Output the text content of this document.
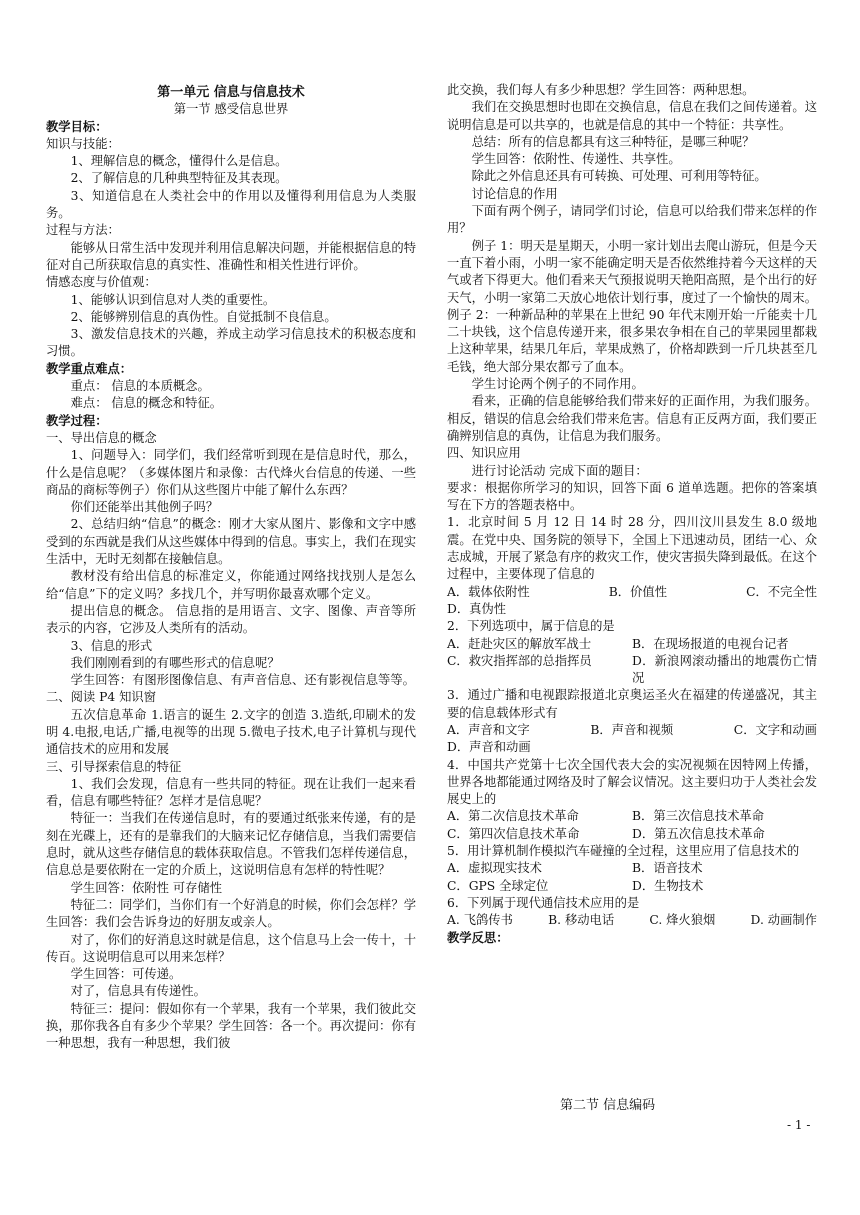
第一单元 信息与信息技术

第一节 感受信息世界

教学目标：

知识与技能：

1、理解信息的概念，懂得什么是信息。

2、了解信息的几种典型特征及其表现。

3、知道信息在人类社会中的作用以及懂得利用信息为人类服务。

过程与方法：

能够从日常生活中发现并利用信息解决问题，并能根据信息的特征对自己所获取信息的真实性、准确性和相关性进行评价。

情感态度与价值观：

1、能够认识到信息对人类的重要性。

2、能够辨别信息的真伪性。自觉抵制不良信息。

3、激发信息技术的兴趣，养成主动学习信息技术的积极态度和习惯。

教学重点难点：

重点： 信息的本质概念。

难点： 信息的概念和特征。

教学过程：

一、导出信息的概念

1、问题导入：同学们，我们经常听到现在是信息时代，那么，什么是信息呢？（多媒体图片和录像：古代烽火台信息的传递、一些商品的商标等例子）你们从这些图片中能了解什么东西？

你们还能举出其他例子吗？

2、总结归纳“信息”的概念：刚才大家从图片、影像和文字中感受到的东西就是我们从这些媒体中得到的信息。事实上，我们在现实生活中，无时无刻都在接触信息。

教材没有给出信息的标准定义，你能通过网络找找别人是怎么给“信息”下的定义吗？多找几个，并写明你最喜欢哪个定义。

提出信息的概念。 信息指的是用语言、文字、图像、声音等所表示的内容，它涉及人类所有的活动。

3、信息的形式

我们刚刚看到的有哪些形式的信息呢？

学生回答：有图形图像信息、有声音信息、还有影视信息等等。

二、阅读 P4 知识窗

五次信息革命 1.语言的诞生 2.文字的创造 3.造纸,印刷术的发明 4.电报,电话,广播,电视等的出现 5.微电子技术,电子计算机与现代通信技术的应用和发展

三、引导探索信息的特征

1、我们会发现，信息有一些共同的特征。现在让我们一起来看看，信息有哪些特征？怎样才是信息呢？

特征一：当我们在传递信息时，有的要通过纸张来传递，有的是刻在光碟上，还有的是靠我们的大脑来记忆存储信息，当我们需要信息时，就从这些存储信息的载体获取信息。不管我们怎样传递信息，信息总是要依附在一定的介质上，这说明信息有怎样的特性呢？

学生回答：依附性 可存储性

特征二：同学们，当你们有一个好消息的时候，你们会怎样？学生回答：我们会告诉身边的好朋友或亲人。

对了，你们的好消息这时就是信息，这个信息马上会一传十，十传百。这说明信息可以用来怎样？

学生回答：可传递。

对了，信息具有传递性。

特征三：提问：假如你有一个苹果，我有一个苹果，我们彼此交换，那你我各自有多少个苹果？学生回答：各一个。再次提问：你有一种思想，我有一种思想，我们彼

此交换，我们每人有多少种思想？学生回答：两种思想。

我们在交换思想时也即在交换信息，信息在我们之间传递着。这说明信息是可以共享的，也就是信息的其中一个特征：共享性。

总结：所有的信息都具有这三种特征，是哪三种呢？

学生回答：依附性、传递性、共享性。

除此之外信息还具有可转换、可处理、可利用等特征。

讨论信息的作用

下面有两个例子，请同学们讨论，信息可以给我们带来怎样的作用？

例子 1：明天是星期天，小明一家计划出去爬山游玩，但是今天一直下着小雨，小明一家不能确定明天是否依然维持着今天这样的天气或者下得更大。他们看来天气预报说明天艳阳高照，是个出行的好天气，小明一家第二天放心地依计划行事，度过了一个愉快的周末。例子 2：一种新品种的苹果在上世纪 90 年代末刚开始一斤能卖十几二十块钱，这个信息传递开来，很多果农争相在自己的苹果园里都栽上这种苹果，结果几年后，苹果成熟了，价格却跌到一斤几块甚至几毛钱，绝大部分果农都亏了血本。

学生讨论两个例子的不同作用。

看来，正确的信息能够给我们带来好的正面作用，为我们服务。相反，错误的信息会给我们带来危害。信息有正反两方面，我们要正确辨别信息的真伪，让信息为我们服务。

四、知识应用

进行讨论活动 完成下面的题目：

要求：根据你所学习的知识，回答下面 6 道单选题。把你的答案填写在下方的答题表格中。

1．北京时间 5 月 12 日 14 时 28 分，四川汶川县发生 8.0 级地震。在党中央、国务院的领导下，全国上下迅速动员，团结一心、众志成城，开展了紧急有序的救灾工作，使灾害损失降到最低。在这个过程中，主要体现了信息的

A．载体依附性	B．价值性	C．不完全性

D．真伪性

2．下列选项中，属于信息的是

A．赶赴灾区的解放军战士	B．在现场报道的电视台记者
C．救灾指挥部的总指挥员	D．新浪网滚动播出的地震伤亡情况

3．通过广播和电视跟踪报道北京奥运圣火在福建的传递盛况，其主要的信息载体形式有

A．声音和文字	B．声音和视频	C．文字和动画

D．声音和动画

4．中国共产党第十七次全国代表大会的实况视频在因特网上传播，世界各地都能通过网络及时了解会议情况。这主要归功于人类社会发展史上的

A．第二次信息技术革命	B．第三次信息技术革命
C．第四次信息技术革命	D．第五次信息技术革命

5．用计算机制作模拟汽车碰撞的全过程，这里应用了信息技术的

A．虚拟现实技术	B．语音技术
C．GPS 全球定位	D．生物技术

6．下列属于现代通信技术应用的是

A. 飞鸽传书	B. 移动电话	C. 烽火狼烟	D. 动画制作

教学反思：

第二节 信息编码
- 1 -
